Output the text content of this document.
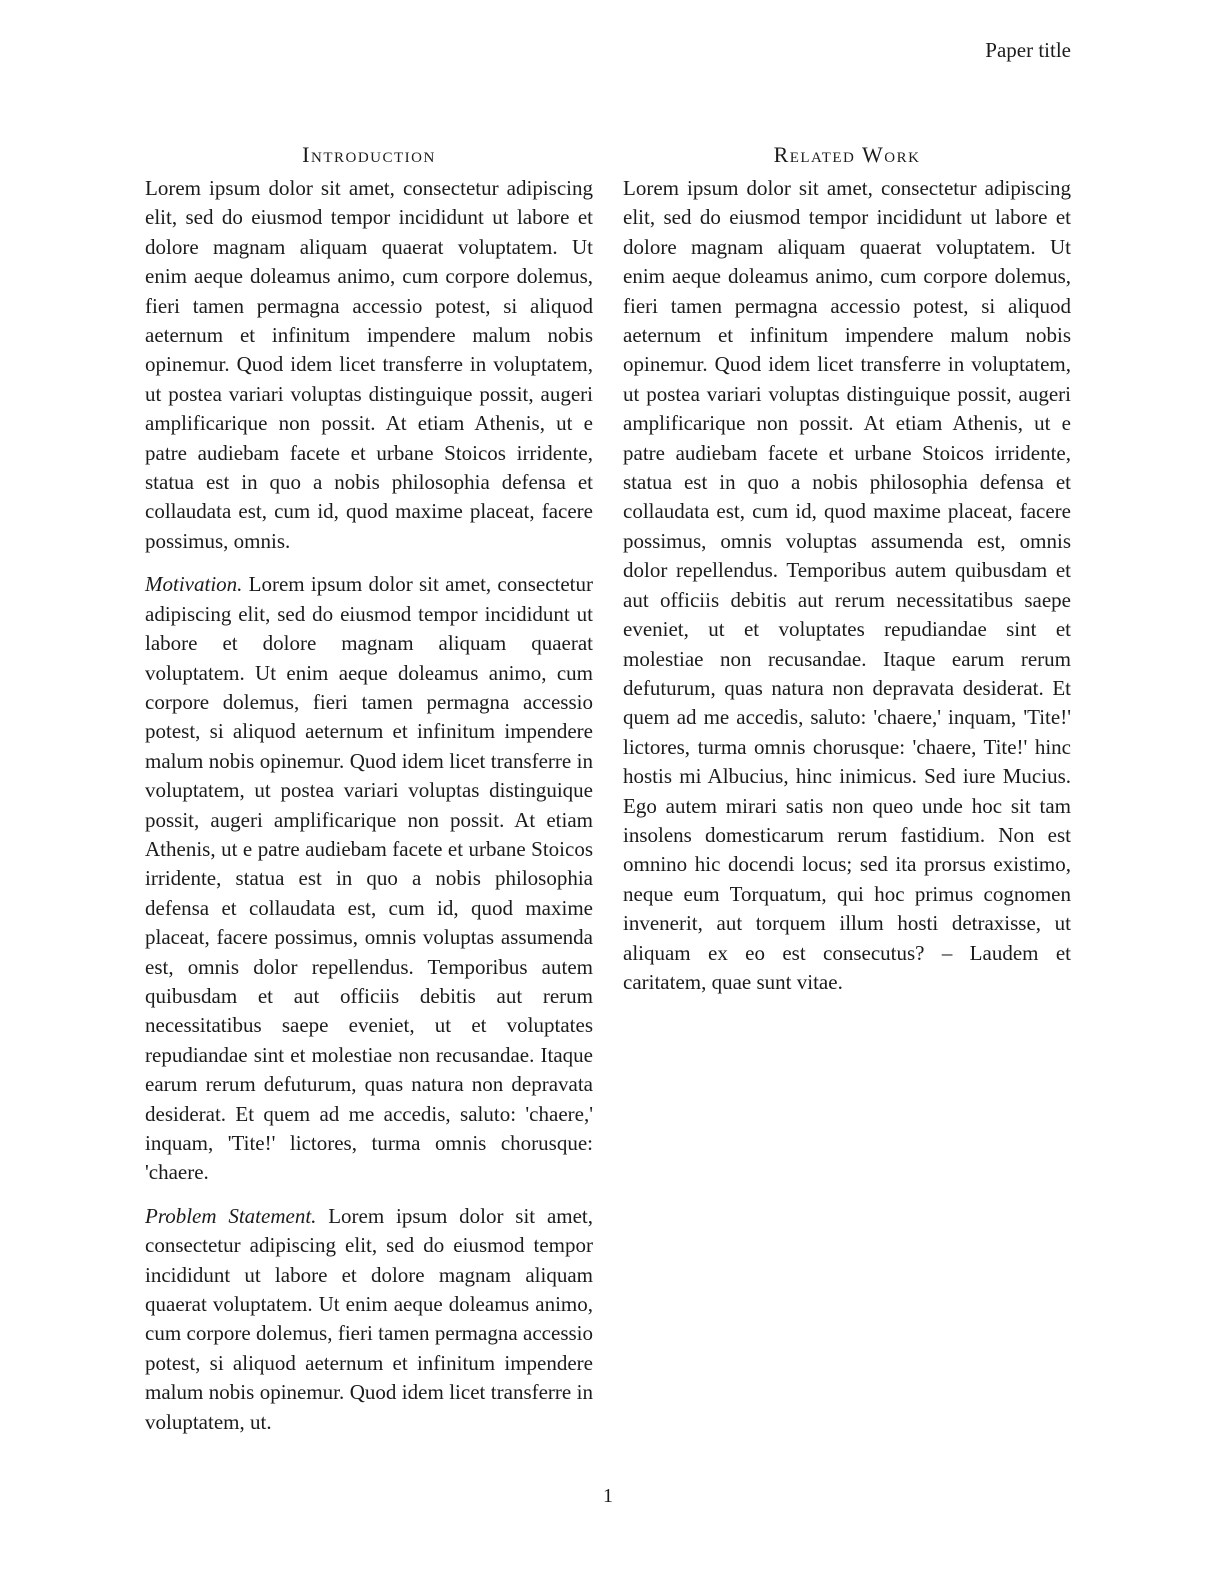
Paper title
Introduction

Lorem ipsum dolor sit amet, consectetur adipiscing elit, sed do eiusmod tempor incididunt ut labore et dolore magnam aliquam quaerat voluptatem. Ut enim aeque doleamus animo, cum corpore dolemus, fieri tamen permagna accessio potest, si aliquod aeternum et infinitum impendere malum nobis opinemur. Quod idem licet transferre in voluptatem, ut postea variari voluptas distinguique possit, augeri amplificarique non possit. At etiam Athenis, ut e patre audiebam facete et urbane Stoicos irridente, statua est in quo a nobis philosophia defensa et collaudata est, cum id, quod maxime placeat, facere possimus, omnis.

Motivation. Lorem ipsum dolor sit amet, consectetur adipiscing elit, sed do eiusmod tempor incididunt ut labore et dolore magnam aliquam quaerat voluptatem. Ut enim aeque doleamus animo, cum corpore dolemus, fieri tamen permagna accessio potest, si aliquod aeternum et infinitum impendere malum nobis opinemur. Quod idem licet transferre in voluptatem, ut postea variari voluptas distinguique possit, augeri amplificarique non possit. At etiam Athenis, ut e patre audiebam facete et urbane Stoicos irridente, statua est in quo a nobis philosophia defensa et collaudata est, cum id, quod maxime placeat, facere possimus, omnis voluptas assumenda est, omnis dolor repellendus. Temporibus autem quibusdam et aut officiis debitis aut rerum necessitatibus saepe eveniet, ut et voluptates repudiandae sint et molestiae non recusandae. Itaque earum rerum defuturum, quas natura non depravata desiderat. Et quem ad me accedis, saluto: 'chaere,' inquam, 'Tite!' lictores, turma omnis chorusque: 'chaere.

Problem Statement. Lorem ipsum dolor sit amet, consectetur adipiscing elit, sed do eiusmod tempor incididunt ut labore et dolore magnam aliquam quaerat voluptatem. Ut enim aeque doleamus animo, cum corpore dolemus, fieri tamen permagna accessio potest, si aliquod aeternum et infinitum impendere malum nobis opinemur. Quod idem licet transferre in voluptatem, ut.

Related Work

Lorem ipsum dolor sit amet, consectetur adipiscing elit, sed do eiusmod tempor incididunt ut labore et dolore magnam aliquam quaerat voluptatem. Ut enim aeque doleamus animo, cum corpore dolemus, fieri tamen permagna accessio potest, si aliquod aeternum et infinitum impendere malum nobis opinemur. Quod idem licet transferre in voluptatem, ut postea variari voluptas distinguique possit, augeri amplificarique non possit. At etiam Athenis, ut e patre audiebam facete et urbane Stoicos irridente, statua est in quo a nobis philosophia defensa et collaudata est, cum id, quod maxime placeat, facere possimus, omnis voluptas assumenda est, omnis dolor repellendus. Temporibus autem quibusdam et aut officiis debitis aut rerum necessitatibus saepe eveniet, ut et voluptates repudiandae sint et molestiae non recusandae. Itaque earum rerum defuturum, quas natura non depravata desiderat. Et quem ad me accedis, saluto: 'chaere,' inquam, 'Tite!' lictores, turma omnis chorusque: 'chaere, Tite!' hinc hostis mi Albucius, hinc inimicus. Sed iure Mucius. Ego autem mirari satis non queo unde hoc sit tam insolens domesticarum rerum fastidium. Non est omnino hic docendi locus; sed ita prorsus existimo, neque eum Torquatum, qui hoc primus cognomen invenerit, aut torquem illum hosti detraxisse, ut aliquam ex eo est consecutus? – Laudem et caritatem, quae sunt vitae.

1
